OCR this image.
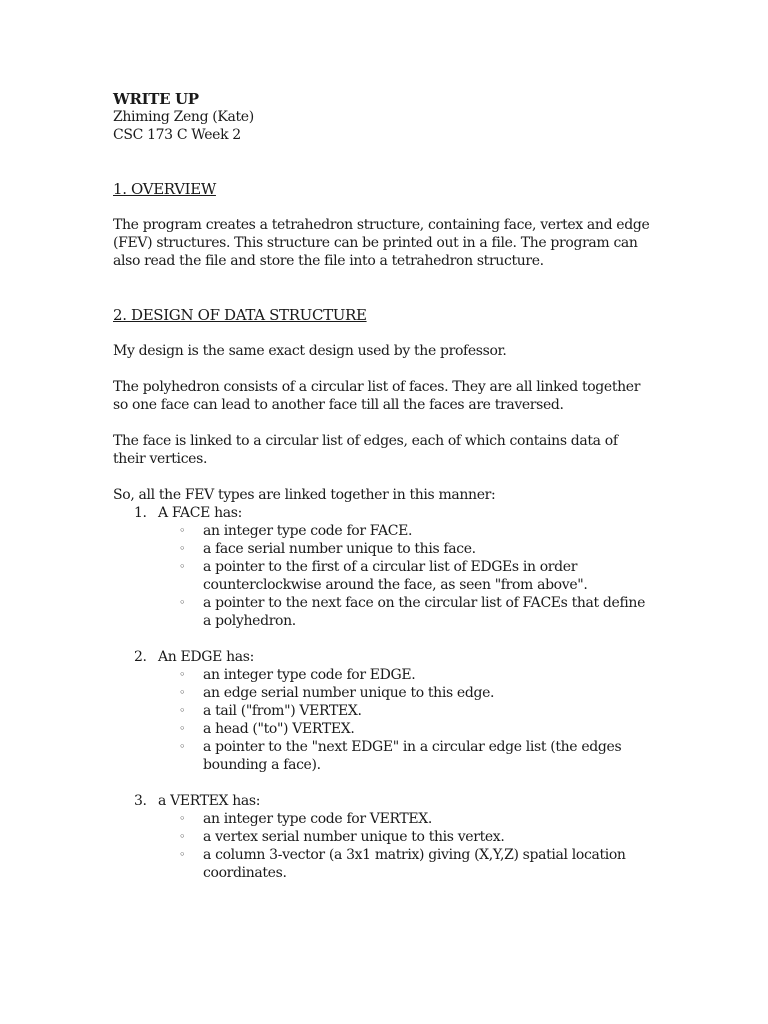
WRITE UP

Zhiming Zeng (Kate)

CSC 173 C Week 2

1. OVERVIEW

The program creates a tetrahedron structure, containing face, vertex and edge (FEV) structures. This structure can be printed out in a file. The program can also read the file and store the file into a tetrahedron structure.

2. DESIGN OF DATA STRUCTURE

My design is the same exact design used by the professor.

The polyhedron consists of a circular list of faces. They are all linked together so one face can lead to another face till all the faces are traversed.

The face is linked to a circular list of edges, each of which contains data of their vertices.

So, all the FEV types are linked together in this manner:

1. A FACE has:
◦ an integer type code for FACE.
◦ a face serial number unique to this face.
◦ a pointer to the first of a circular list of EDGEs in order counterclockwise around the face, as seen "from above".
◦ a pointer to the next face on the circular list of FACEs that define a polyhedron.
2. An EDGE has:
◦ an integer type code for EDGE.
◦ an edge serial number unique to this edge.
◦ a tail ("from") VERTEX.
◦ a head ("to") VERTEX.
◦ a pointer to the "next EDGE" in a circular edge list (the edges bounding a face).
3. a VERTEX has:
◦ an integer type code for VERTEX.
◦ a vertex serial number unique to this vertex.
◦ a column 3-vector (a 3x1 matrix) giving (X,Y,Z) spatial location coordinates.
